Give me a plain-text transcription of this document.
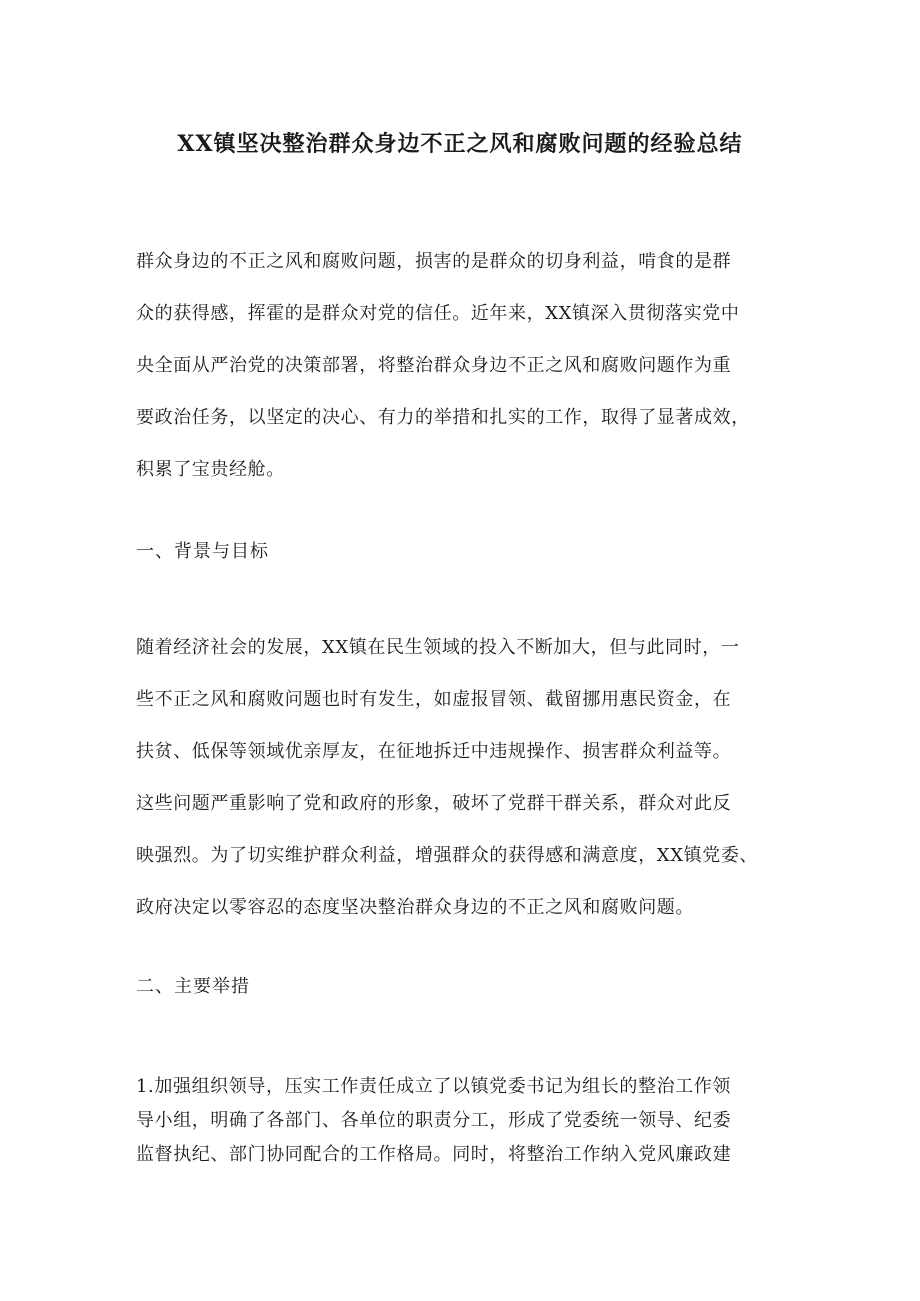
XX镇坚决整治群众身边不正之风和腐败问题的经验总结
群众身边的不正之风和腐败问题，损害的是群众的切身利益，啃食的是群
众的获得感，挥霍的是群众对党的信任。近年来，XX镇深入贯彻落实党中
央全面从严治党的决策部署，将整治群众身边不正之风和腐败问题作为重
要政治任务，以坚定的决心、有力的举措和扎实的工作，取得了显著成效，
积累了宝贵经舱。
一、背景与目标
随着经济社会的发展，XX镇在民生领域的投入不断加大，但与此同时，一
些不正之风和腐败问题也时有发生，如虚报冒领、截留挪用惠民资金，在
扶贫、低保等领域优亲厚友，在征地拆迁中违规操作、损害群众利益等。
这些问题严重影响了党和政府的形象，破坏了党群干群关系，群众对此反
映强烈。为了切实维护群众利益，增强群众的获得感和满意度，XX镇党委、
政府决定以零容忍的态度坚决整治群众身边的不正之风和腐败问题。
二、主要举措
1.加强组织领导，压实工作责任成立了以镇党委书记为组长的整治工作领
导小组，明确了各部门、各单位的职责分工，形成了党委统一领导、纪委
监督执纪、部门协同配合的工作格局。同时，将整治工作纳入党风廉政建
